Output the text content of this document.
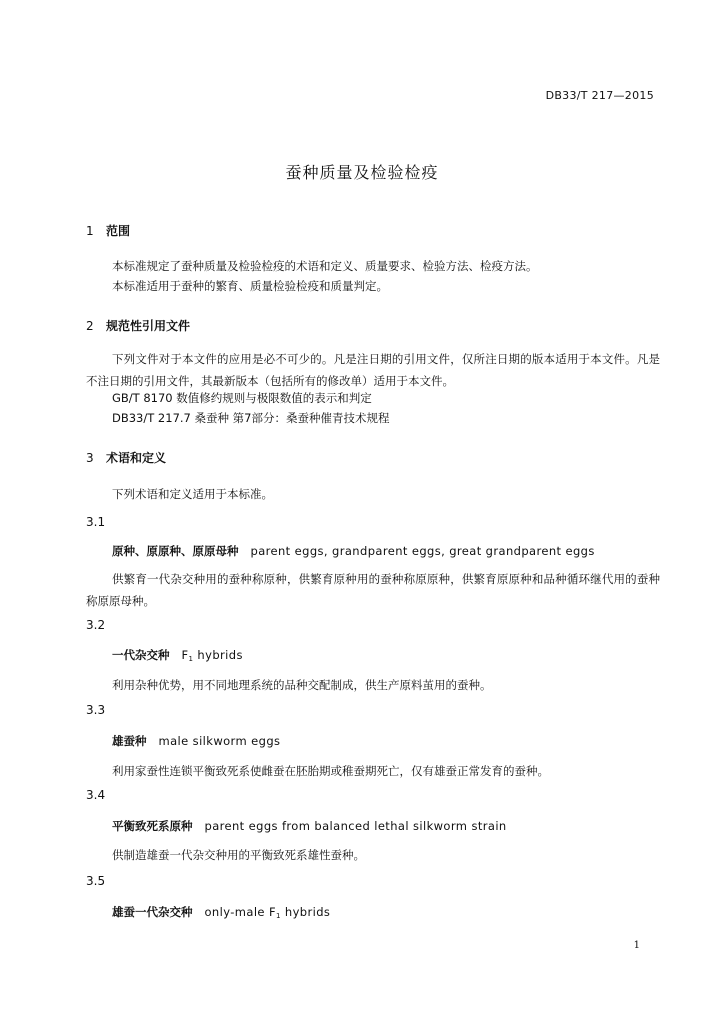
DB33/T 217—2015
蚕种质量及检验检疫
1 范围
本标准规定了蚕种质量及检验检疫的术语和定义、质量要求、检验方法、检疫方法。
本标准适用于蚕种的繁育、质量检验检疫和质量判定。
2 规范性引用文件
下列文件对于本文件的应用是必不可少的。凡是注日期的引用文件，仅所注日期的版本适用于本文件。凡是不注日期的引用文件，其最新版本（包括所有的修改单）适用于本文件。
GB/T 8170 数值修约规则与极限数值的表示和判定
DB33/T 217.7 桑蚕种 第7部分：桑蚕种催青技术规程
3 术语和定义
下列术语和定义适用于本标准。
3.1
原种、原原种、原原母种 parent eggs, grandparent eggs, great grandparent eggs
供繁育一代杂交种用的蚕种称原种，供繁育原种用的蚕种称原原种，供繁育原原种和品种循环继代用的蚕种称原原母种。
3.2
一代杂交种 $F_1$ hybrids
利用杂种优势，用不同地理系统的品种交配制成，供生产原料茧用的蚕种。
3.3
雄蚕种 male silkworm eggs
利用家蚕性连锁平衡致死系使雌蚕在胚胎期或稚蚕期死亡，仅有雄蚕正常发育的蚕种。
3.4
平衡致死系原种 parent eggs from balanced lethal silkworm strain
供制造雄蚕一代杂交种用的平衡致死系雄性蚕种。
3.5
雄蚕一代杂交种 only-male $F_1$ hybrids
1
